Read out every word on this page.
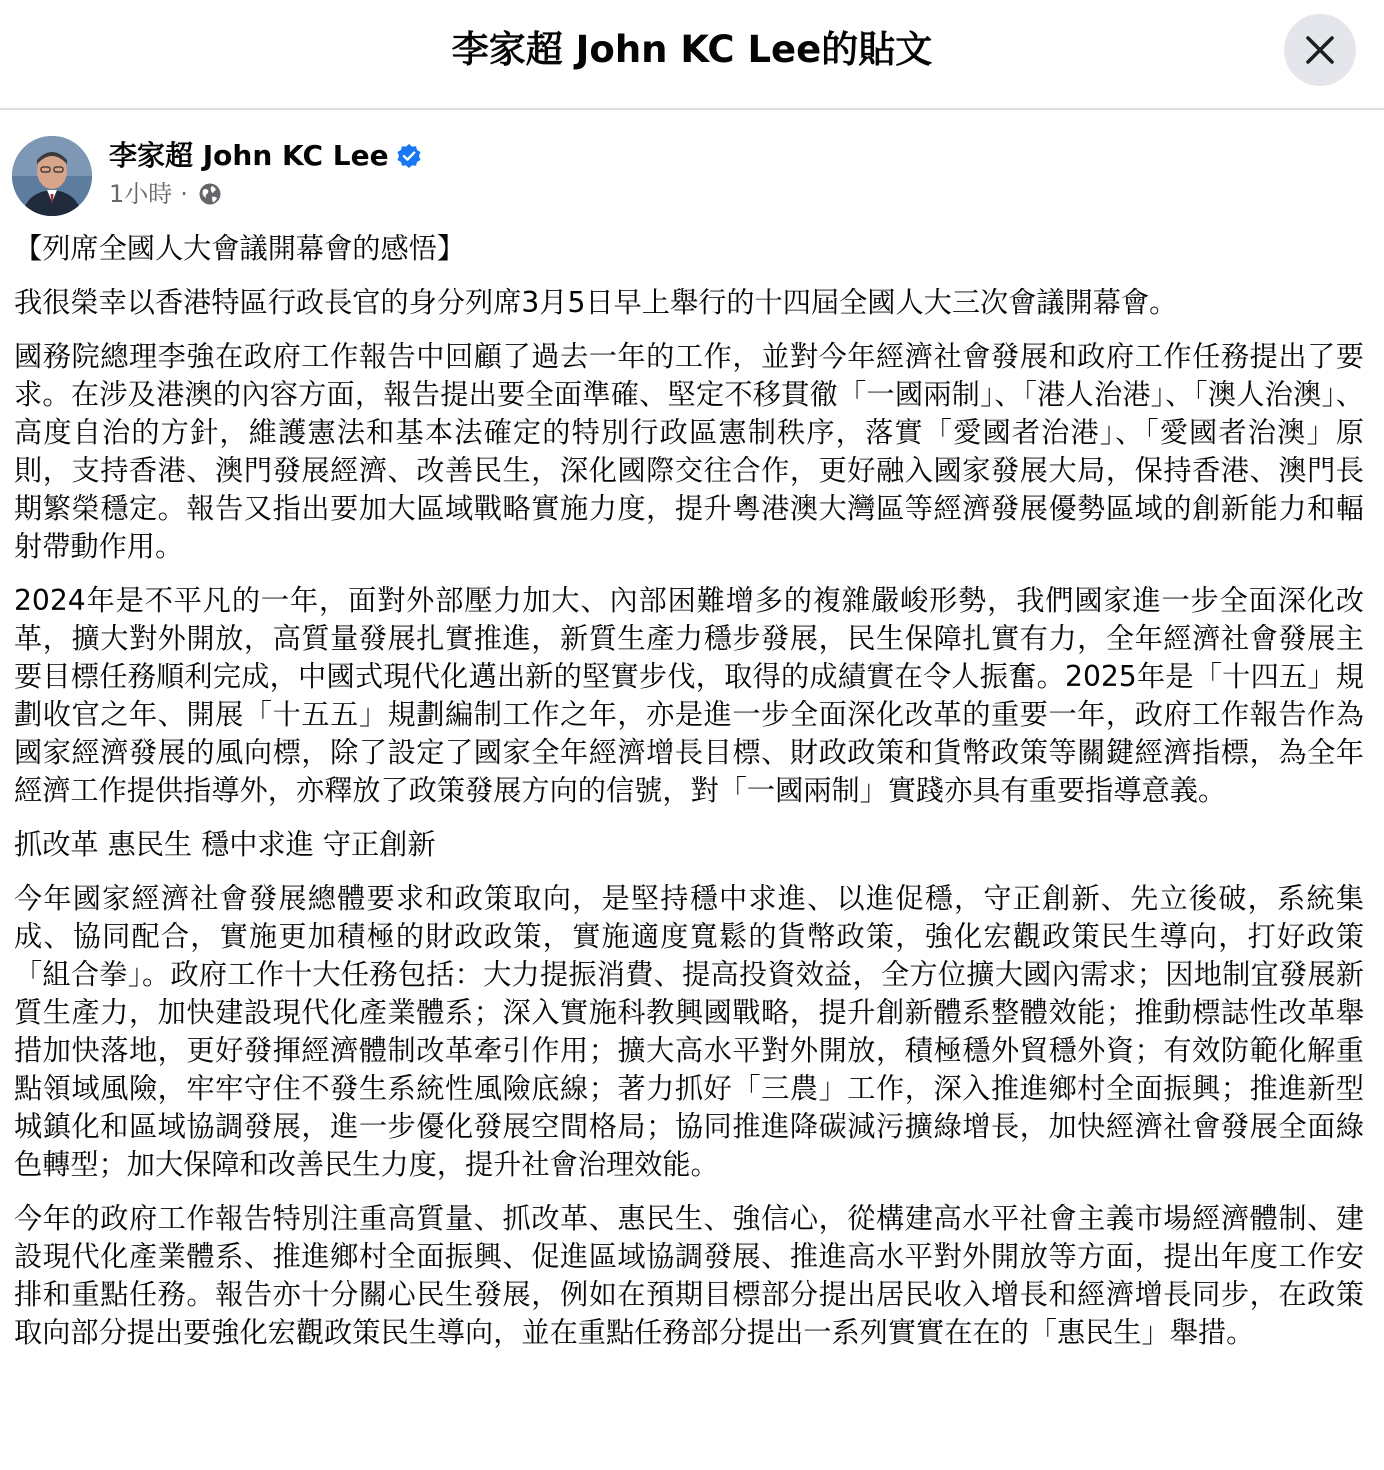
李家超 John KC Lee的貼文
李家超 John KC Lee
1小時 ·

【列席全國人大會議開幕會的感悟】

我很榮幸以香港特區行政長官的身分列席3月5日早上舉行的十四屆全國人大三次會議開幕會。

國務院總理李強在政府工作報告中回顧了過去一年的工作，並對今年經濟社會發展和政府工作任務提出了要求。在涉及港澳的內容方面，報告提出要全面準確、堅定不移貫徹「一國兩制」、「港人治港」、「澳人治澳」、高度自治的方針，維護憲法和基本法確定的特別行政區憲制秩序，落實「愛國者治港」、「愛國者治澳」原則，支持香港、澳門發展經濟、改善民生，深化國際交往合作，更好融入國家發展大局，保持香港、澳門長期繁榮穩定。報告又指出要加大區域戰略實施力度，提升粵港澳大灣區等經濟發展優勢區域的創新能力和輻射帶動作用。

2024年是不平凡的一年，面對外部壓力加大、內部困難增多的複雜嚴峻形勢，我們國家進一步全面深化改革，擴大對外開放，高質量發展扎實推進，新質生產力穩步發展，民生保障扎實有力，全年經濟社會發展主要目標任務順利完成，中國式現代化邁出新的堅實步伐，取得的成績實在令人振奮。2025年是「十四五」規劃收官之年、開展「十五五」規劃編制工作之年，亦是進一步全面深化改革的重要一年，政府工作報告作為國家經濟發展的風向標，除了設定了國家全年經濟增長目標、財政政策和貨幣政策等關鍵經濟指標，為全年經濟工作提供指導外，亦釋放了政策發展方向的信號，對「一國兩制」實踐亦具有重要指導意義。

抓改革 惠民生 穩中求進 守正創新

今年國家經濟社會發展總體要求和政策取向，是堅持穩中求進、以進促穩，守正創新、先立後破，系統集成、協同配合，實施更加積極的財政政策，實施適度寬鬆的貨幣政策，強化宏觀政策民生導向，打好政策「組合拳」。政府工作十大任務包括：大力提振消費、提高投資效益，全方位擴大國內需求；因地制宜發展新質生產力，加快建設現代化產業體系；深入實施科教興國戰略，提升創新體系整體效能；推動標誌性改革舉措加快落地，更好發揮經濟體制改革牽引作用；擴大高水平對外開放，積極穩外貿穩外資；有效防範化解重點領域風險，牢牢守住不發生系統性風險底線；著力抓好「三農」工作，深入推進鄉村全面振興；推進新型城鎮化和區域協調發展，進一步優化發展空間格局；協同推進降碳減污擴綠增長，加快經濟社會發展全面綠色轉型；加大保障和改善民生力度，提升社會治理效能。

今年的政府工作報告特別注重高質量、抓改革、惠民生、強信心，從構建高水平社會主義市場經濟體制、建設現代化產業體系、推進鄉村全面振興、促進區域協調發展、推進高水平對外開放等方面，提出年度工作安排和重點任務。報告亦十分關心民生發展，例如在預期目標部分提出居民收入增長和經濟增長同步，在政策取向部分提出要強化宏觀政策民生導向，並在重點任務部分提出一系列實實在在的「惠民生」舉措。
